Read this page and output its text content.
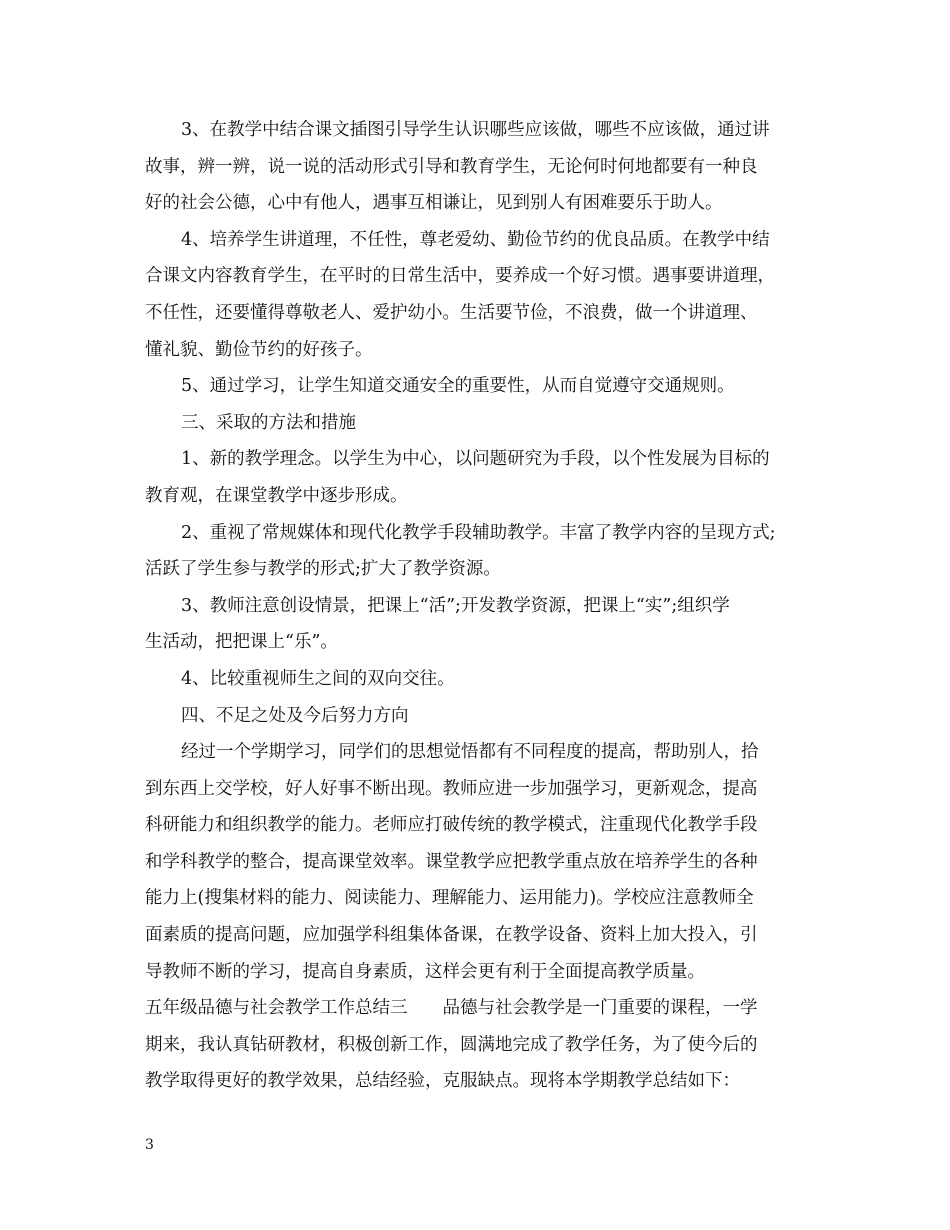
3、在教学中结合课文插图引导学生认识哪些应该做，哪些不应该做，通过讲
故事，辨一辨，说一说的活动形式引导和教育学生，无论何时何地都要有一种良
好的社会公德，心中有他人，遇事互相谦让，见到别人有困难要乐于助人。
4、培养学生讲道理，不任性，尊老爱幼、勤俭节约的优良品质。在教学中结
合课文内容教育学生，在平时的日常生活中，要养成一个好习惯。遇事要讲道理，
不任性，还要懂得尊敬老人、爱护幼小。生活要节俭，不浪费，做一个讲道理、
懂礼貌、勤俭节约的好孩子。
5、通过学习，让学生知道交通安全的重要性，从而自觉遵守交通规则。
三、采取的方法和措施
1、新的教学理念。以学生为中心，以问题研究为手段，以个性发展为目标的
教育观，在课堂教学中逐步形成。
2、重视了常规媒体和现代化教学手段辅助教学。丰富了教学内容的呈现方式;
活跃了学生参与教学的形式;扩大了教学资源。
3、教师注意创设情景，把课上“活”;开发教学资源，把课上“实”;组织学
生活动，把把课上“乐”。
4、比较重视师生之间的双向交往。
四、不足之处及今后努力方向
经过一个学期学习，同学们的思想觉悟都有不同程度的提高，帮助别人，拾
到东西上交学校，好人好事不断出现。教师应进一步加强学习，更新观念，提高
科研能力和组织教学的能力。老师应打破传统的教学模式，注重现代化教学手段
和学科教学的整合，提高课堂效率。课堂教学应把教学重点放在培养学生的各种
能力上(搜集材料的能力、阅读能力、理解能力、运用能力)。学校应注意教师全
面素质的提高问题，应加强学科组集体备课，在教学设备、资料上加大投入，引
导教师不断的学习，提高自身素质，这样会更有利于全面提高教学质量。
五年级品德与社会教学工作总结三　　品德与社会教学是一门重要的课程，一学
期来，我认真钻研教材，积极创新工作，圆满地完成了教学任务，为了使今后的
教学取得更好的教学效果，总结经验，克服缺点。现将本学期教学总结如下：
3
